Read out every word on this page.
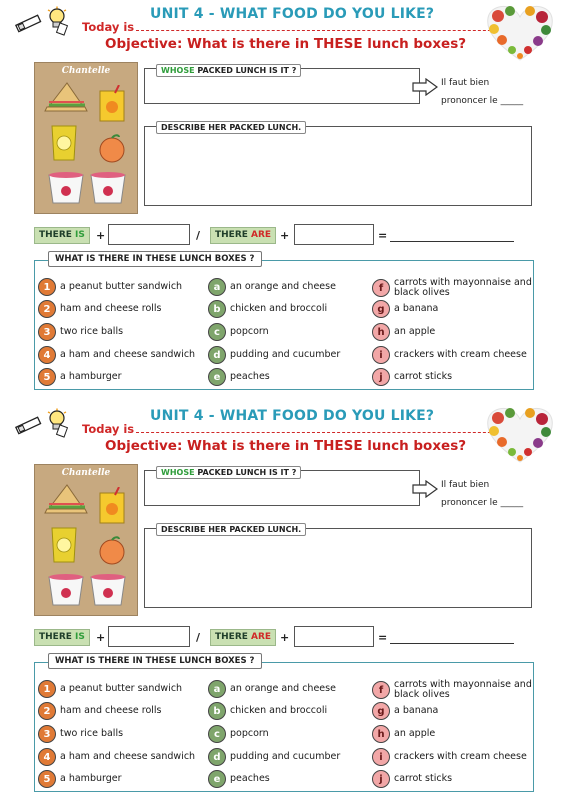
UNIT 4 - WHAT FOOD DO YOU LIKE?
Today is
Objective: What is there in THESE lunch boxes?
Chantelle	WHOSE PACKED LUNCH IS IT ?
Il faut bien
prononcer le _____
DESCRIBE HER PACKED LUNCH.
THERE IS	+	/	THERE ARE +	=
WHAT IS THERE IN THESE LUNCH BOXES ?
1	a peanut butter sandwich
2	ham and cheese rolls
3	two rice balls
4	a ham and cheese sandwich
5	a hamburger
a	an orange and cheese
b chicken and broccoli
c	popcorn
d pudding and cucumber
e	peaches
f	carrots with mayonnaise and black olives
g a banana
h an apple
i	crackers with cream cheese
j	carrot sticks
UNIT 4 - WHAT FOOD DO YOU LIKE?
Today is
Objective: What is there in THESE lunch boxes?
Chantelle	WHOSE PACKED LUNCH IS IT ?
Il faut bien
prononcer le _____
DESCRIBE HER PACKED LUNCH.
THERE IS	+	/	THERE ARE +	=
WHAT IS THERE IN THESE LUNCH BOXES ?
1	a peanut butter sandwich
2	ham and cheese rolls
3	two rice balls
4	a ham and cheese sandwich
5	a hamburger
a	an orange and cheese
b chicken and broccoli
c	popcorn
d pudding and cucumber
e	peaches
f	carrots with mayonnaise and black olives
g a banana
h an apple
i	crackers with cream cheese
j	carrot sticks
